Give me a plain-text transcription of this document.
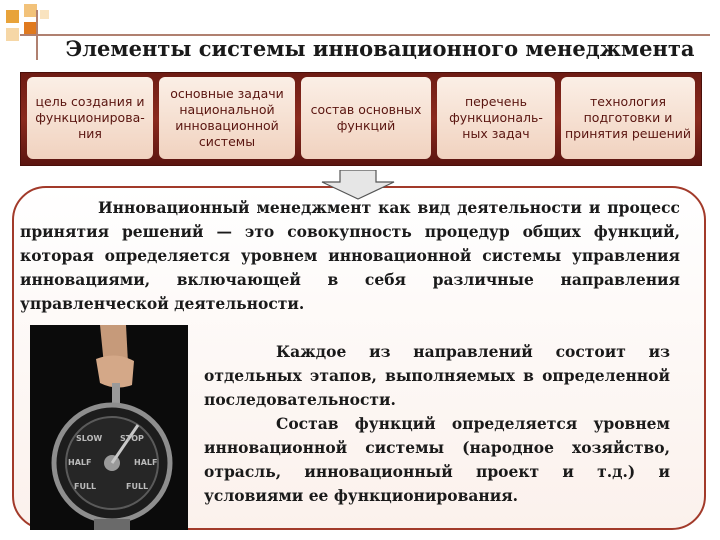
Элементы системы инновационного менеджмента
цель создания и функционирова-ния
основные задачи национальной инновационной системы
состав основных функций
перечень функциональ-ных задач
технология подготовки и принятия решений
Инновационный менеджмент как вид деятельности и процесс принятия решений — это совокупность процедур общих функций, которая определяется уровнем инновационной системы управления инновациями, включающей в себя различные направления управленческой деятельности.
SLOW STOP
HALF	HALF
FULL	FULL

Каждое из направлений состоит из отдельных этапов, выполняемых в определенной последовательности.

Состав функций определяется уровнем инновационной системы (народное хозяйство, отрасль, инновационный проект и т.д.) и условиями ее функционирования.
